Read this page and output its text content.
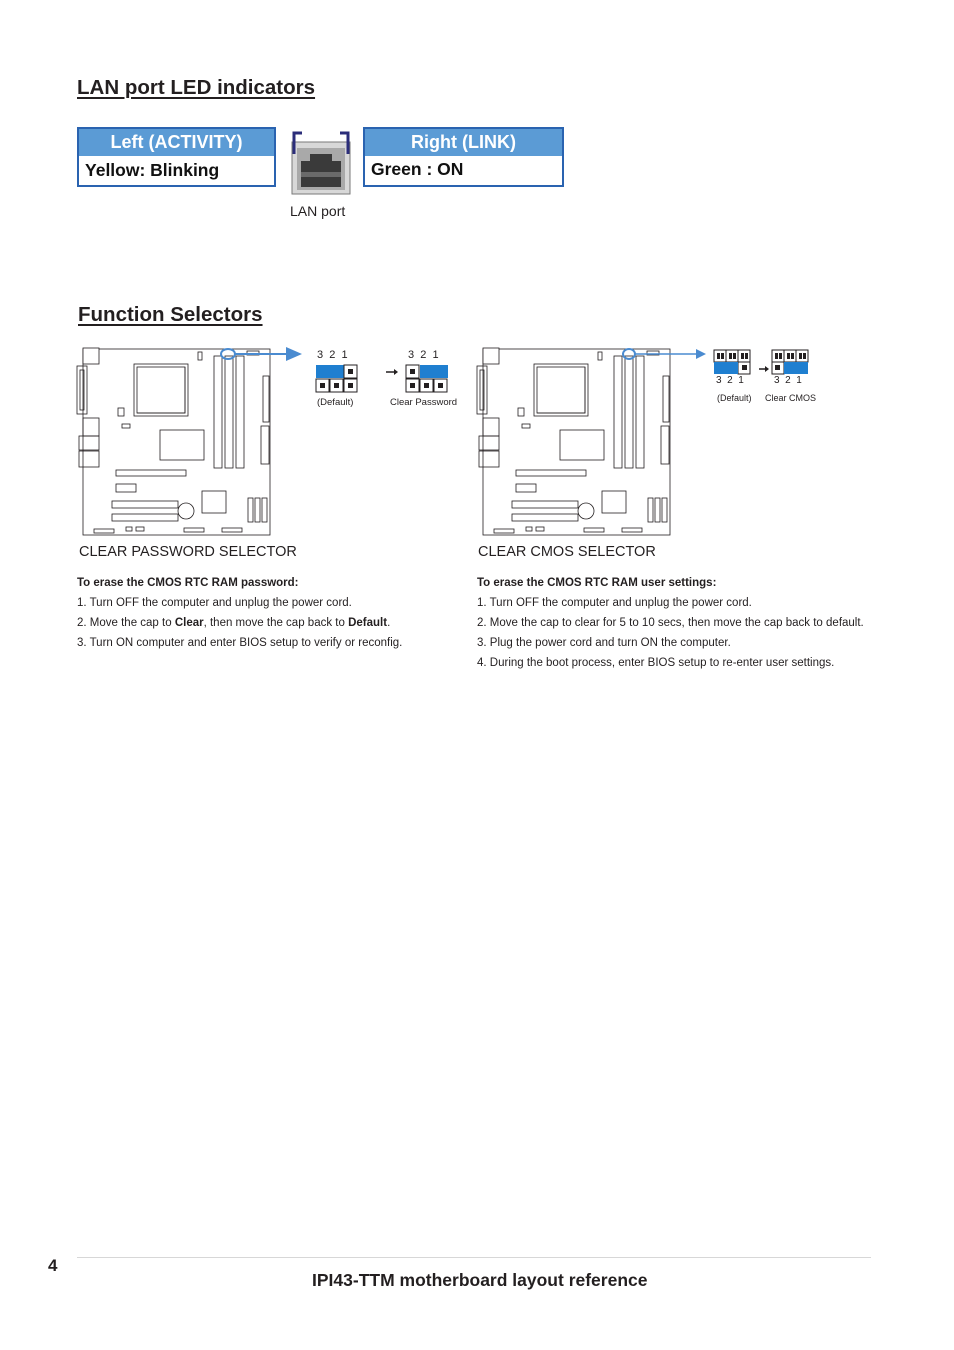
LAN port LED indicators
Left (ACTIVITY)
Yellow: Blinking
Right (LINK)
Green : ON
LAN port
Function Selectors
3  2  1
(Default)
3  2  1
Clear Password
CLEAR PASSWORD SELECTOR
3  2  1
(Default)
3  2  1
Clear CMOS
CLEAR CMOS SELECTOR
To erase the CMOS RTC RAM password:
1. Turn OFF the computer and unplug the power cord.
2. Move the cap to Clear, then move the cap back to Default.
3. Turn ON computer and enter BIOS setup to verify or reconfig.
To erase the CMOS RTC RAM user settings:
1. Turn OFF the computer and unplug the power cord.
2. Move the cap to clear for 5 to 10 secs, then move the cap back to default.
3. Plug the power cord and turn ON the computer.
4. During the boot process, enter BIOS setup to re-enter user settings.
4
IPI43-TTM motherboard layout reference
